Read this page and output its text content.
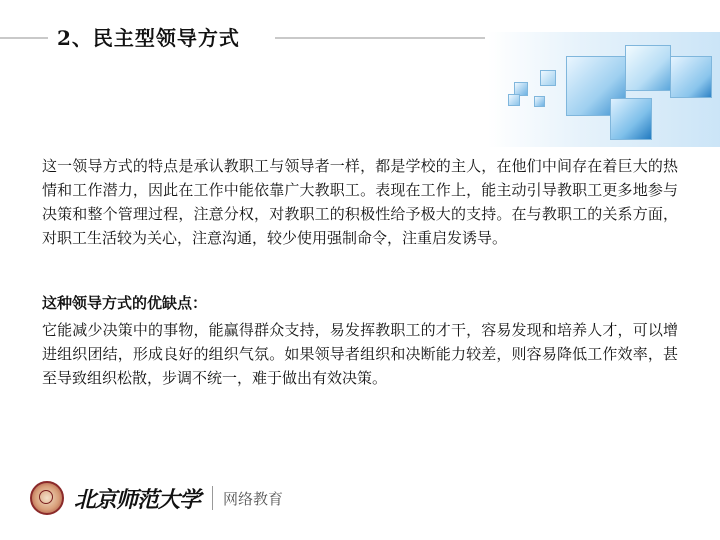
2、民主型领导方式

这一领导方式的特点是承认教职工与领导者一样，都是学校的主人，在他们中间存在着巨大的热情和工作潜力，因此在工作中能依靠广大教职工。表现在工作上，能主动引导教职工更多地参与决策和整个管理过程，注意分权，对教职工的积极性给予极大的支持。在与教职工的关系方面，对职工生活较为关心，注意沟通，较少使用强制命令，注重启发诱导。

这种领导方式的优缺点：

它能减少决策中的事物，能赢得群众支持，易发挥教职工的才干，容易发现和培养人才，可以增进组织团结，形成良好的组织气氛。如果领导者组织和决断能力较差，则容易降低工作效率，甚至导致组织松散，步调不统一，难于做出有效决策。

北京师范大学 网络教育
